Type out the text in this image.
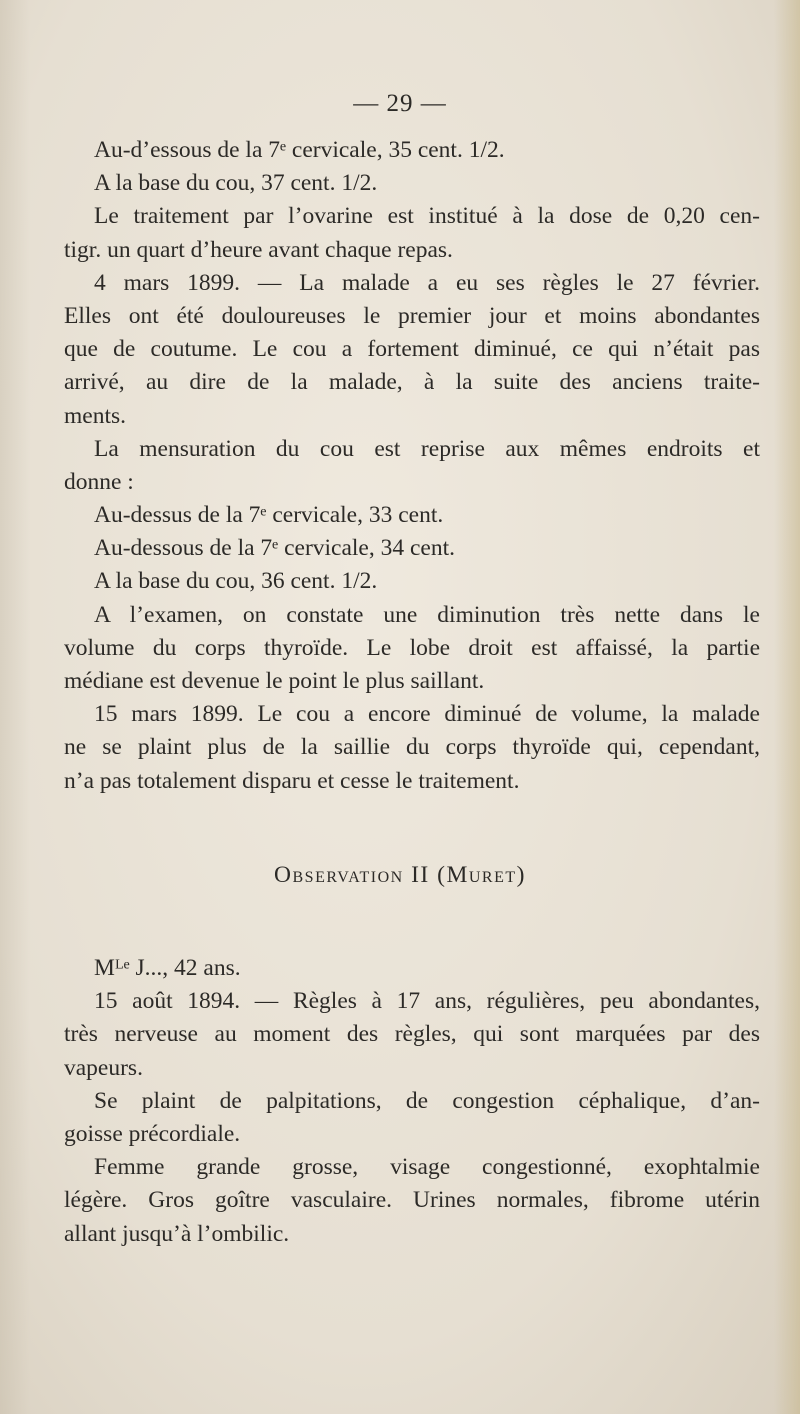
— 29 —
Au-d’essous de la 7ᵉ cervicale, 35 cent. 1/2.
A la base du cou, 37 cent. 1/2.
Le traitement par l’ovarine est institué à la dose de 0,20 cen-
tigr. un quart d’heure avant chaque repas.
4 mars 1899. — La malade a eu ses règles le 27 février.
Elles ont été douloureuses le premier jour et moins abondantes
que de coutume. Le cou a fortement diminué, ce qui n’était pas
arrivé, au dire de la malade, à la suite des anciens traite-
ments.
La mensuration du cou est reprise aux mêmes endroits et
donne :
Au-dessus de la 7ᵉ cervicale, 33 cent.
Au-dessous de la 7ᵉ cervicale, 34 cent.
A la base du cou, 36 cent. 1/2.
A l’examen, on constate une diminution très nette dans le
volume du corps thyroïde. Le lobe droit est affaissé, la partie
médiane est devenue le point le plus saillant.
15 mars 1899. Le cou a encore diminué de volume, la malade
ne se plaint plus de la saillie du corps thyroïde qui, cependant,
n’a pas totalement disparu et cesse le traitement.
Observation II (Muret)
Mᴸᵉ J..., 42 ans.
15 août 1894. — Règles à 17 ans, régulières, peu abondantes,
très nerveuse au moment des règles, qui sont marquées par des
vapeurs.
Se plaint de palpitations, de congestion céphalique, d’an-
goisse précordiale.
Femme grande grosse, visage congestionné, exophtalmie
légère. Gros goître vasculaire. Urines normales, fibrome utérin
allant jusqu’à l’ombilic.
